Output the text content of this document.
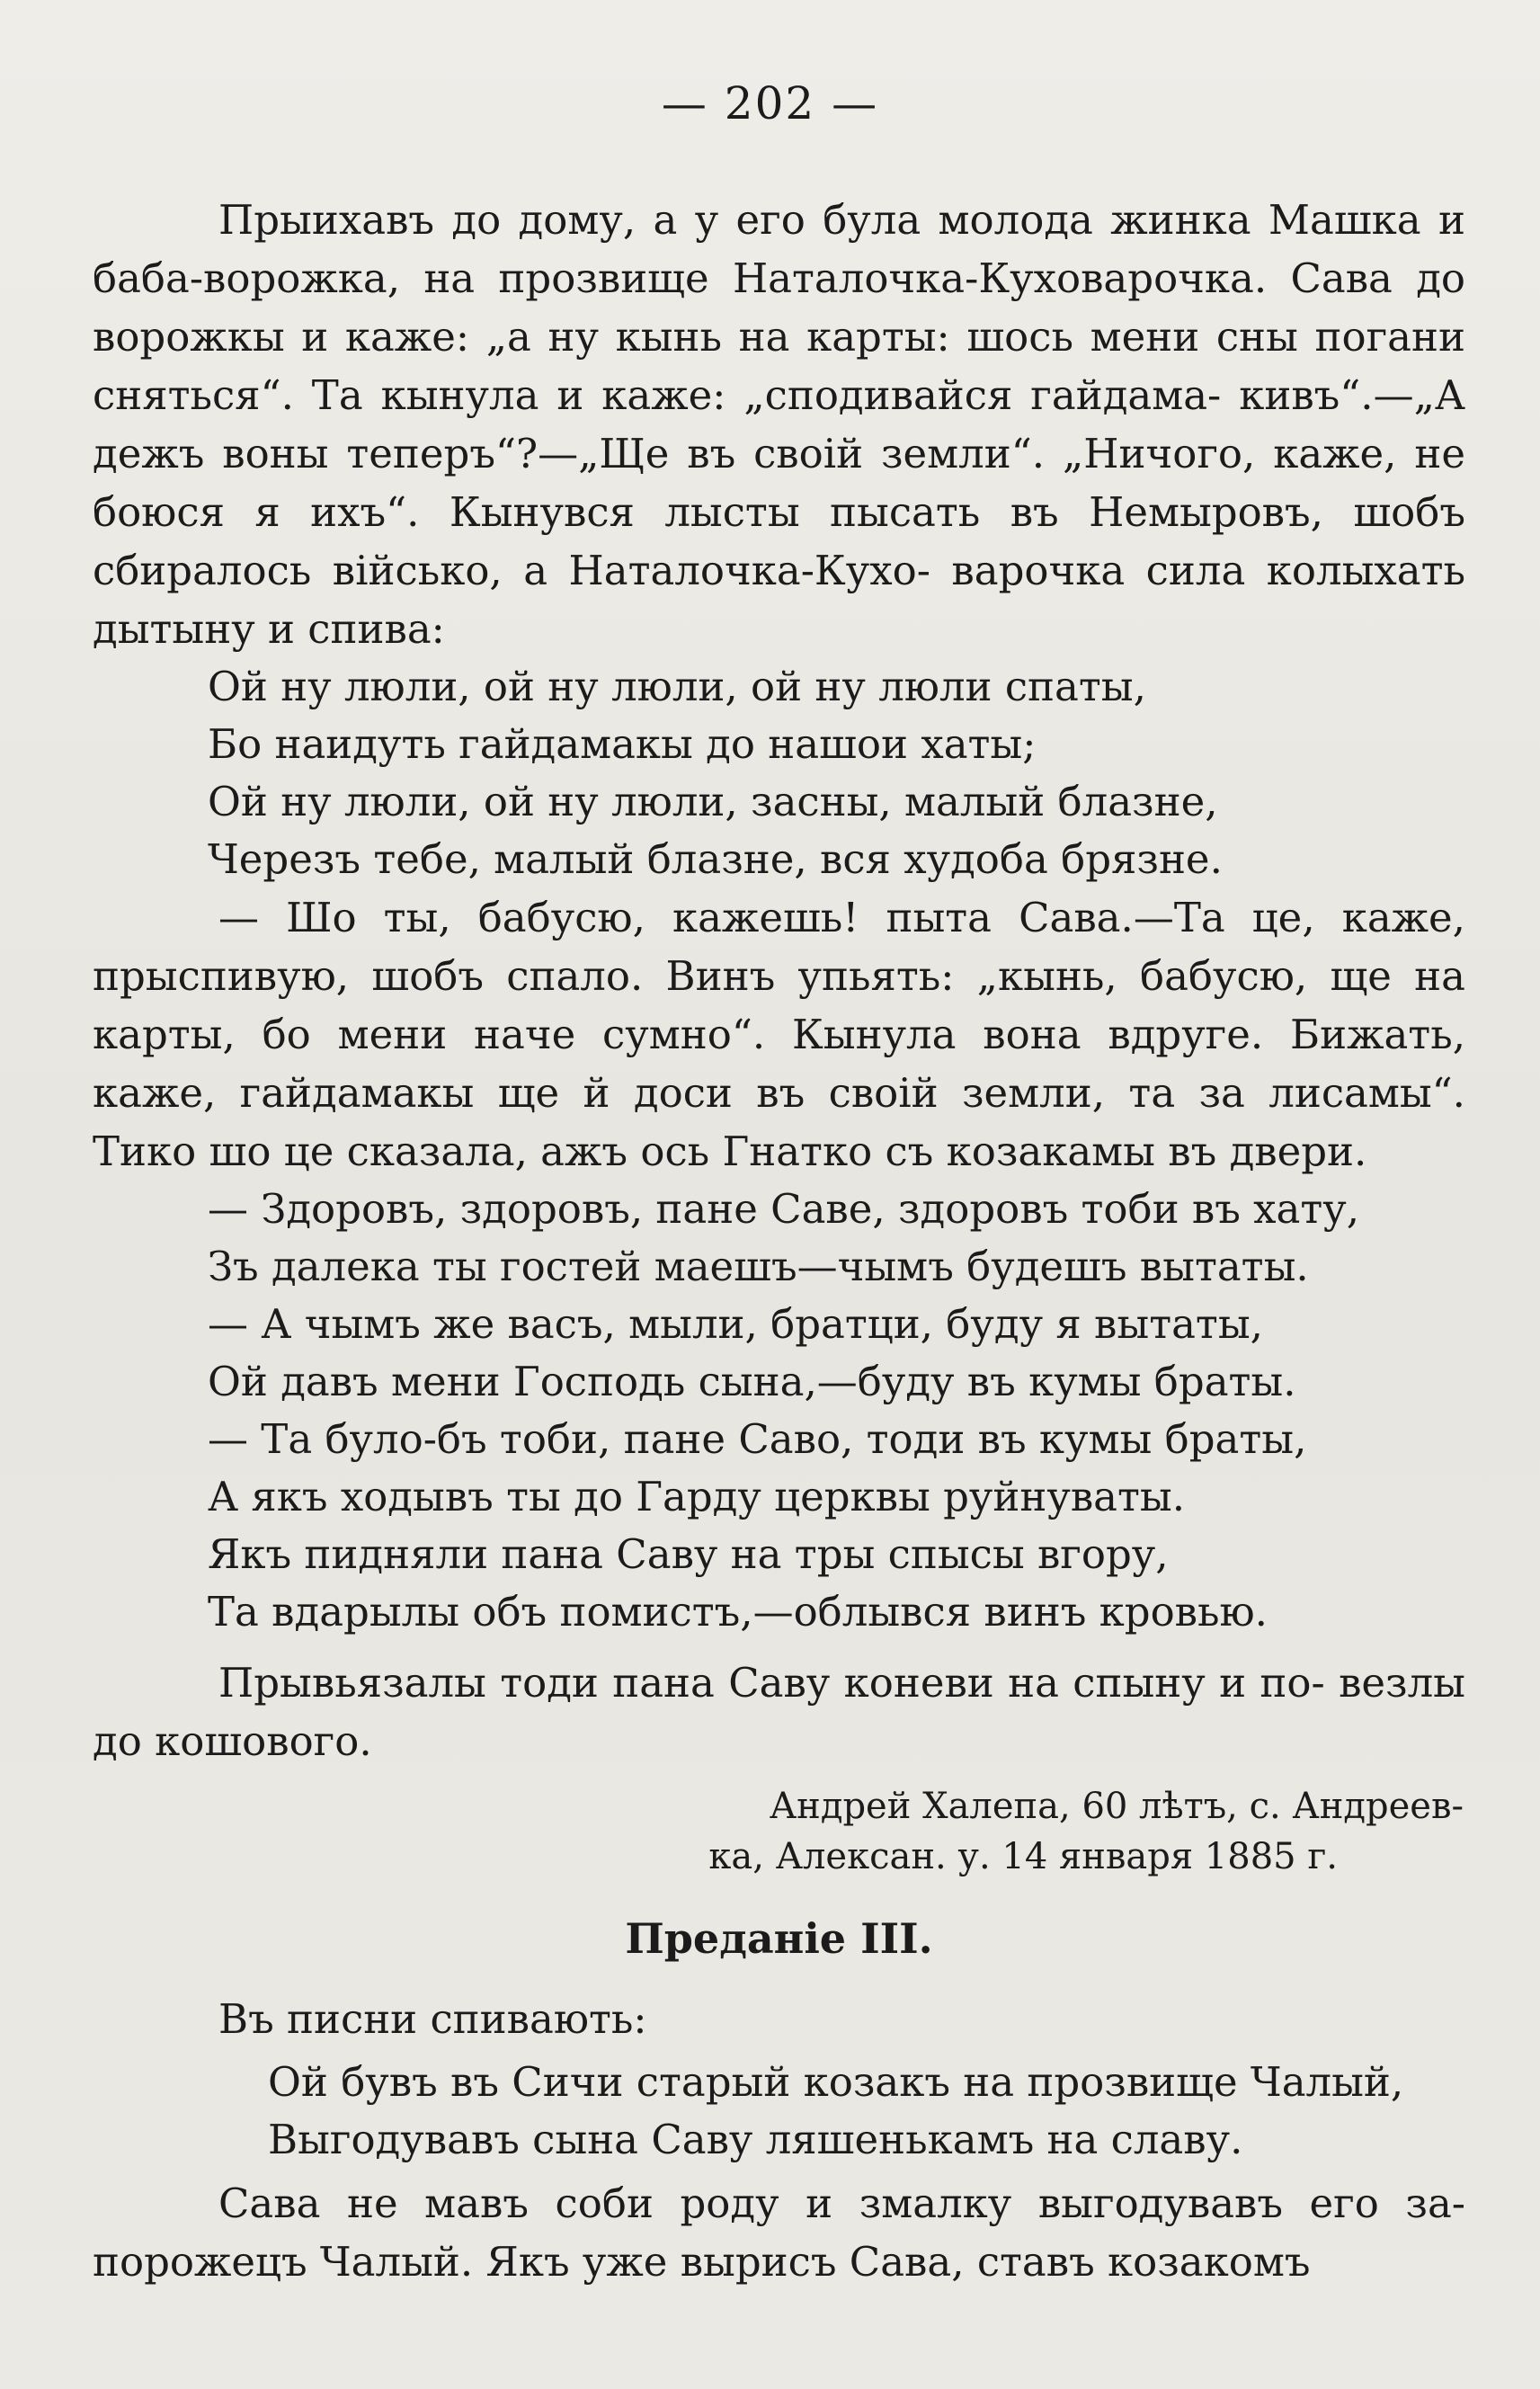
— 202 —

Прыихавъ до дому, а у его була молода жинка Машка и баба-ворожка, на прозвище Наталочка-Куховарочка. Сава до ворожкы и каже: „а ну кынь на карты: шось мени сны погани сняться“. Та кынула и каже: „сподивайся гайдама- кивъ“.—„А дежъ воны теперъ“?—„Ще въ своiй земли“. „Ничого, каже, не боюся я ихъ“. Кынувся лысты пысать въ Немыровъ, шобъ сбиралось вiйсько, а Наталочка-Кухо- варочка сила колыхать дытыну и спива:

Ой ну люли, ой ну люли, ой ну люли спаты,
Бо наидуть гайдамакы до нашои хаты;
Ой ну люли, ой ну люли, засны, малый блазне,
Черезъ тебе, малый блазне, вся худоба брязне.

— Шо ты, бабусю, кажешь! пыта Сава.—Та це, каже, прыспивую, шобъ спало. Винъ упьять: „кынь, бабусю, ще на карты, бо мени наче сумно“. Кынула вона вдруге. Бижать, каже, гайдамакы ще й доси въ своiй земли, та за лисамы“. Тико шо це сказала, ажъ ось Гнатко съ козакамы въ двери.

— Здоровъ, здоровъ, пане Саве, здоровъ тоби въ хату,
Зъ далека ты гостей маешъ—чымъ будешъ вытаты.
— А чымъ же васъ, мыли, братци, буду я вытаты,
Ой давъ мени Господь сына,—буду въ кумы браты.
— Та було-бъ тоби, пане Саво, тоди въ кумы браты,
А якъ ходывъ ты до Гарду церквы руйнуваты.
Якъ пидняли пана Саву на тры спысы вгору,
Та вдарылы объ помистъ,—облывся винъ кровью.

Прывьязалы тоди пана Саву коневи на спыну и по- везлы до кошового.

Андрей Халепа, 60 лѣтъ, с. Андреев-
ка, Алексан. у. 14 января 1885 г.
Преданiе III.

Въ писни спивають:

Ой бувъ въ Сичи старый козакъ на прозвище Чалый,
Выгодувавъ сына Саву ляшенькамъ на славу.

Сава не мавъ соби роду и змалку выгодувавъ его за- порожецъ Чалый. Якъ уже вырисъ Сава, ставъ козакомъ
